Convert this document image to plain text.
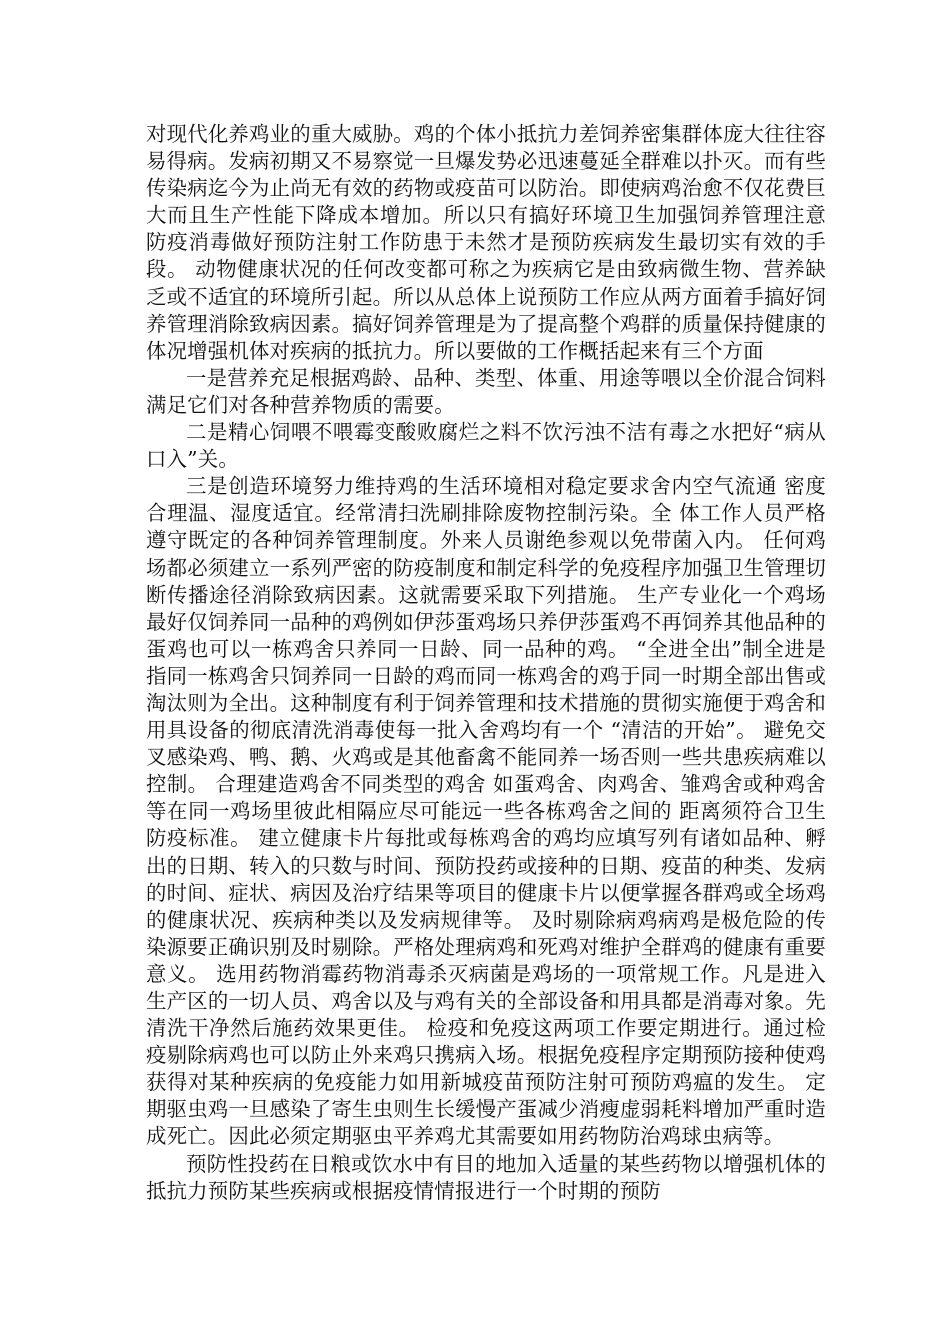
对现代化养鸡业的重大威胁。鸡的个体小抵抗力差饲养密集群体庞大往往容易得病。发病初期又不易察觉一旦爆发势必迅速蔓延全群难以扑灭。而有些传染病迄今为止尚无有效的药物或疫苗可以防治。即使病鸡治愈不仅花费巨大而且生产性能下降成本增加。所以只有搞好环境卫生加强饲养管理注意 防疫消毒做好预防注射工作防患于未然才是预防疾病发生最切实有效的手段。 动物健康状况的任何改变都可称之为疾病它是由致病微生物、营养缺乏或不适宜的环境所引起。所以从总体上说预防工作应从两方面着手搞好饲养管理消除致病因素。搞好饲养管理是为了提高整个鸡群的质量保持健康的体况增强机体对疾病的抵抗力。所以要做的工作概括起来有三个方面

一是营养充足根据鸡龄、品种、类型、体重、用途等喂以全价混合饲料满足它们对各种营养物质的需要。

二是精心饲喂不喂霉变酸败腐烂之料不饮污浊不洁有毒之水把好“病从口入”关。

三是创造环境努力维持鸡的生活环境相对稳定要求舍内空气流通 密度合理温、湿度适宜。经常清扫洗刷排除废物控制污染。全 体工作人员严格遵守既定的各种饲养管理制度。外来人员谢绝参观以免带菌入内。 任何鸡场都必须建立一系列严密的防疫制度和制定科学的免疫程序加强卫生管理切断传播途径消除致病因素。这就需要采取下列措施。 生产专业化一个鸡场最好仅饲养同一品种的鸡例如伊莎蛋鸡场只养伊莎蛋鸡不再饲养其他品种的蛋鸡也可以一栋鸡舍只养同一日龄、同一品种的鸡。 “全进全出”制全进是指同一栋鸡舍只饲养同一日龄的鸡而同一栋鸡舍的鸡于同一时期全部出售或淘汰则为全出。这种制度有利于饲养管理和技术措施的贯彻实施便于鸡舍和用具设备的彻底清洗消毒使每一批入舍鸡均有一个 “清洁的开始”。 避免交叉感染鸡、鸭、鹅、火鸡或是其他畜禽不能同养一场否则一些共患疾病难以控制。 合理建造鸡舍不同类型的鸡舍 如蛋鸡舍、肉鸡舍、雏鸡舍或种鸡舍等在同一鸡场里彼此相隔应尽可能远一些各栋鸡舍之间的 距离须符合卫生防疫标准。 建立健康卡片每批或每栋鸡舍的鸡均应填写列有诸如品种、孵出的日期、转入的只数与时间、预防投药或接种的日期、疫苗的种类、发病的时间、症状、病因及治疗结果等项目的健康卡片以便掌握各群鸡或全场鸡的健康状况、疾病种类以及发病规律等。 及时剔除病鸡病鸡是极危险的传染源要正确识别及时剔除。严格处理病鸡和死鸡对维护全群鸡的健康有重要意义。 选用药物消霉药物消毒杀灭病菌是鸡场的一项常规工作。凡是进入生产区的一切人员、鸡舍以及与鸡有关的全部设备和用具都是消毒对象。先清洗干净然后施药效果更佳。 检疫和免疫这两项工作要定期进行。通过检疫剔除病鸡也可以防止外来鸡只携病入场。根据免疫程序定期预防接种使鸡获得对某种疾病的免疫能力如用新城疫苗预防注射可预防鸡瘟的发生。 定期驱虫鸡一旦感染了寄生虫则生长缓慢产蛋减少消瘦虚弱耗料增加严重时造成死亡。因此必须定期驱虫平养鸡尤其需要如用药物防治鸡球虫病等。

预防性投药在日粮或饮水中有目的地加入适量的某些药物以增强机体的抵抗力预防某些疾病或根据疫情情报进行一个时期的预防
